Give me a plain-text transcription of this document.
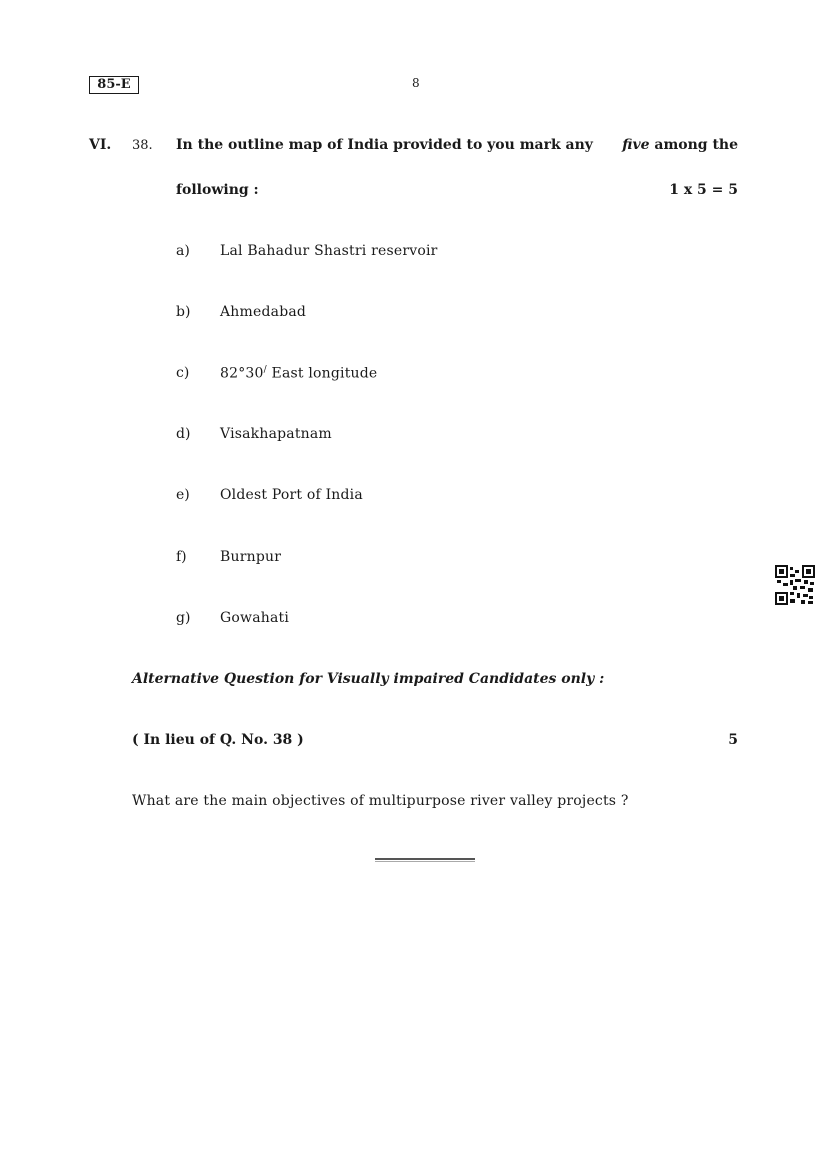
85-E	8
VI. 38. In the outline map of India provided to you mark any	five among the
following :	1 x 5 = 5
a) Lal Bahadur Shastri reservoir
b) Ahmedabad
c) 82°30/ East longitude
d) Visakhapatnam
e) Oldest Port of India
f) Burnpur
g) Gowahati
Alternative Question for Visually impaired Candidates only :
( In lieu of Q. No. 38 )	5
What are the main objectives of multipurpose river valley projects ?
